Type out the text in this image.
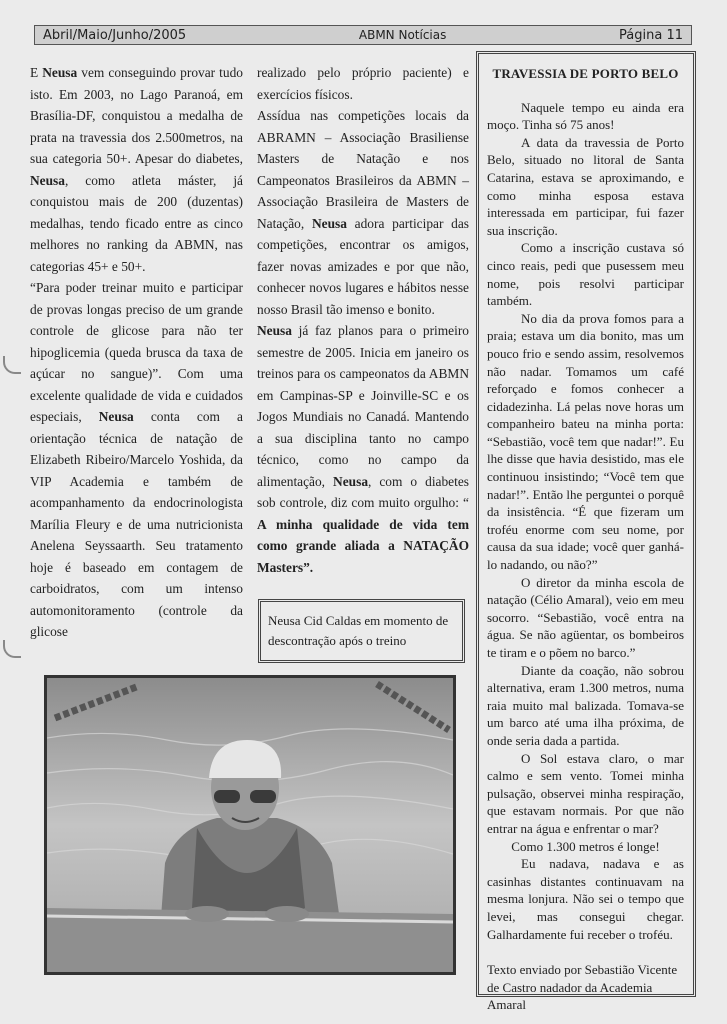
Abril/Maio/Junho/2005	ABMN Notícias	Página 11

E Neusa vem conseguindo provar tudo isto. Em 2003, no Lago Paranoá, em Brasília-DF, conquistou a medalha de prata na travessia dos 2.500metros, na sua categoria 50+. Apesar do diabetes, Neusa, como atleta máster, já conquistou mais de 200 (duzentas) medalhas, tendo ficado entre as cinco melhores no ranking da ABMN, nas categorias 45+ e 50+.
“Para poder treinar muito e participar de provas longas preciso de um grande controle de glicose para não ter hipoglicemia (queda brusca da taxa de açúcar no sangue)”. Com uma excelente qualidade de vida e cuidados especiais, Neusa conta com a orientação técnica de natação de Elizabeth Ribeiro/Marcelo Yoshida, da VIP Academia e também de acompanhamento da endocrinologista Marília Fleury e de uma nutricionista Anelena Seyssaarth. Seu tratamento hoje é baseado em contagem de carboidratos, com um intenso automonitoramento (controle da glicose

realizado pelo próprio paciente) e exercícios físicos.
Assídua nas competições locais da ABRAMN – Associação Brasiliense Masters de Natação e nos Campeonatos Brasileiros da ABMN – Associação Brasileira de Masters de Natação, Neusa adora participar das competições, encontrar os amigos, fazer novas amizades e por que não, conhecer novos lugares e hábitos nesse nosso Brasil tão imenso e bonito.
Neusa já faz planos para o primeiro semestre de 2005. Inicia em janeiro os treinos para os campeonatos da ABMN em Campinas-SP e Joinville-SC e os Jogos Mundiais no Canadá. Mantendo a sua disciplina tanto no campo técnico, como no campo da alimentação, Neusa, com o diabetes sob controle, diz com muito orgulho: “ A minha qualidade de vida tem como grande aliada a NATAÇÃO Masters”.

Neusa Cid Caldas em momento de descontração após o treino
TRAVESSIA DE PORTO BELO

Naquele tempo eu ainda era moço. Tinha só 75 anos!

A data da travessia de Porto Belo, situado no litoral de Santa Catarina, estava se aproximando, e como minha esposa estava interessada em participar, fui fazer sua inscrição.

Como a inscrição custava só cinco reais, pedi que pusessem meu nome, pois resolvi participar também.

No dia da prova fomos para a praia; estava um dia bonito, mas um pouco frio e sendo assim, resolvemos não nadar. Tomamos um café reforçado e fomos conhecer a cidadezinha. Lá pelas nove horas um companheiro bateu na minha porta: “Sebastião, você tem que nadar!”. Eu lhe disse que havia desistido, mas ele continuou insistindo; “Você tem que nadar!”. Então lhe perguntei o porquê da insistência. “É que fizeram um troféu enorme com seu nome, por causa da sua idade; você quer ganhá-lo nadando, ou não?”

O diretor da minha escola de natação (Célio Amaral), veio em meu socorro. “Sebastião, você entra na água. Se não agüentar, os bombeiros te tiram e o põem no barco.”

Diante da coação, não sobrou alternativa, eram 1.300 metros, numa raia muito mal balizada. Tomava-se um barco até uma ilha próxima, de onde seria dada a partida.

O Sol estava claro, o mar calmo e sem vento. Tomei minha pulsação, observei minha respiração, que estavam normais. Por que não entrar na água e enfrentar o mar?

Como 1.300 metros é longe!

Eu nadava, nadava e as casinhas distantes continuavam na mesma lonjura. Não sei o tempo que levei, mas consegui chegar. Galhardamente fui receber o troféu.

Texto enviado por Sebastião Vicente de Castro nadador da Academia Amaral
